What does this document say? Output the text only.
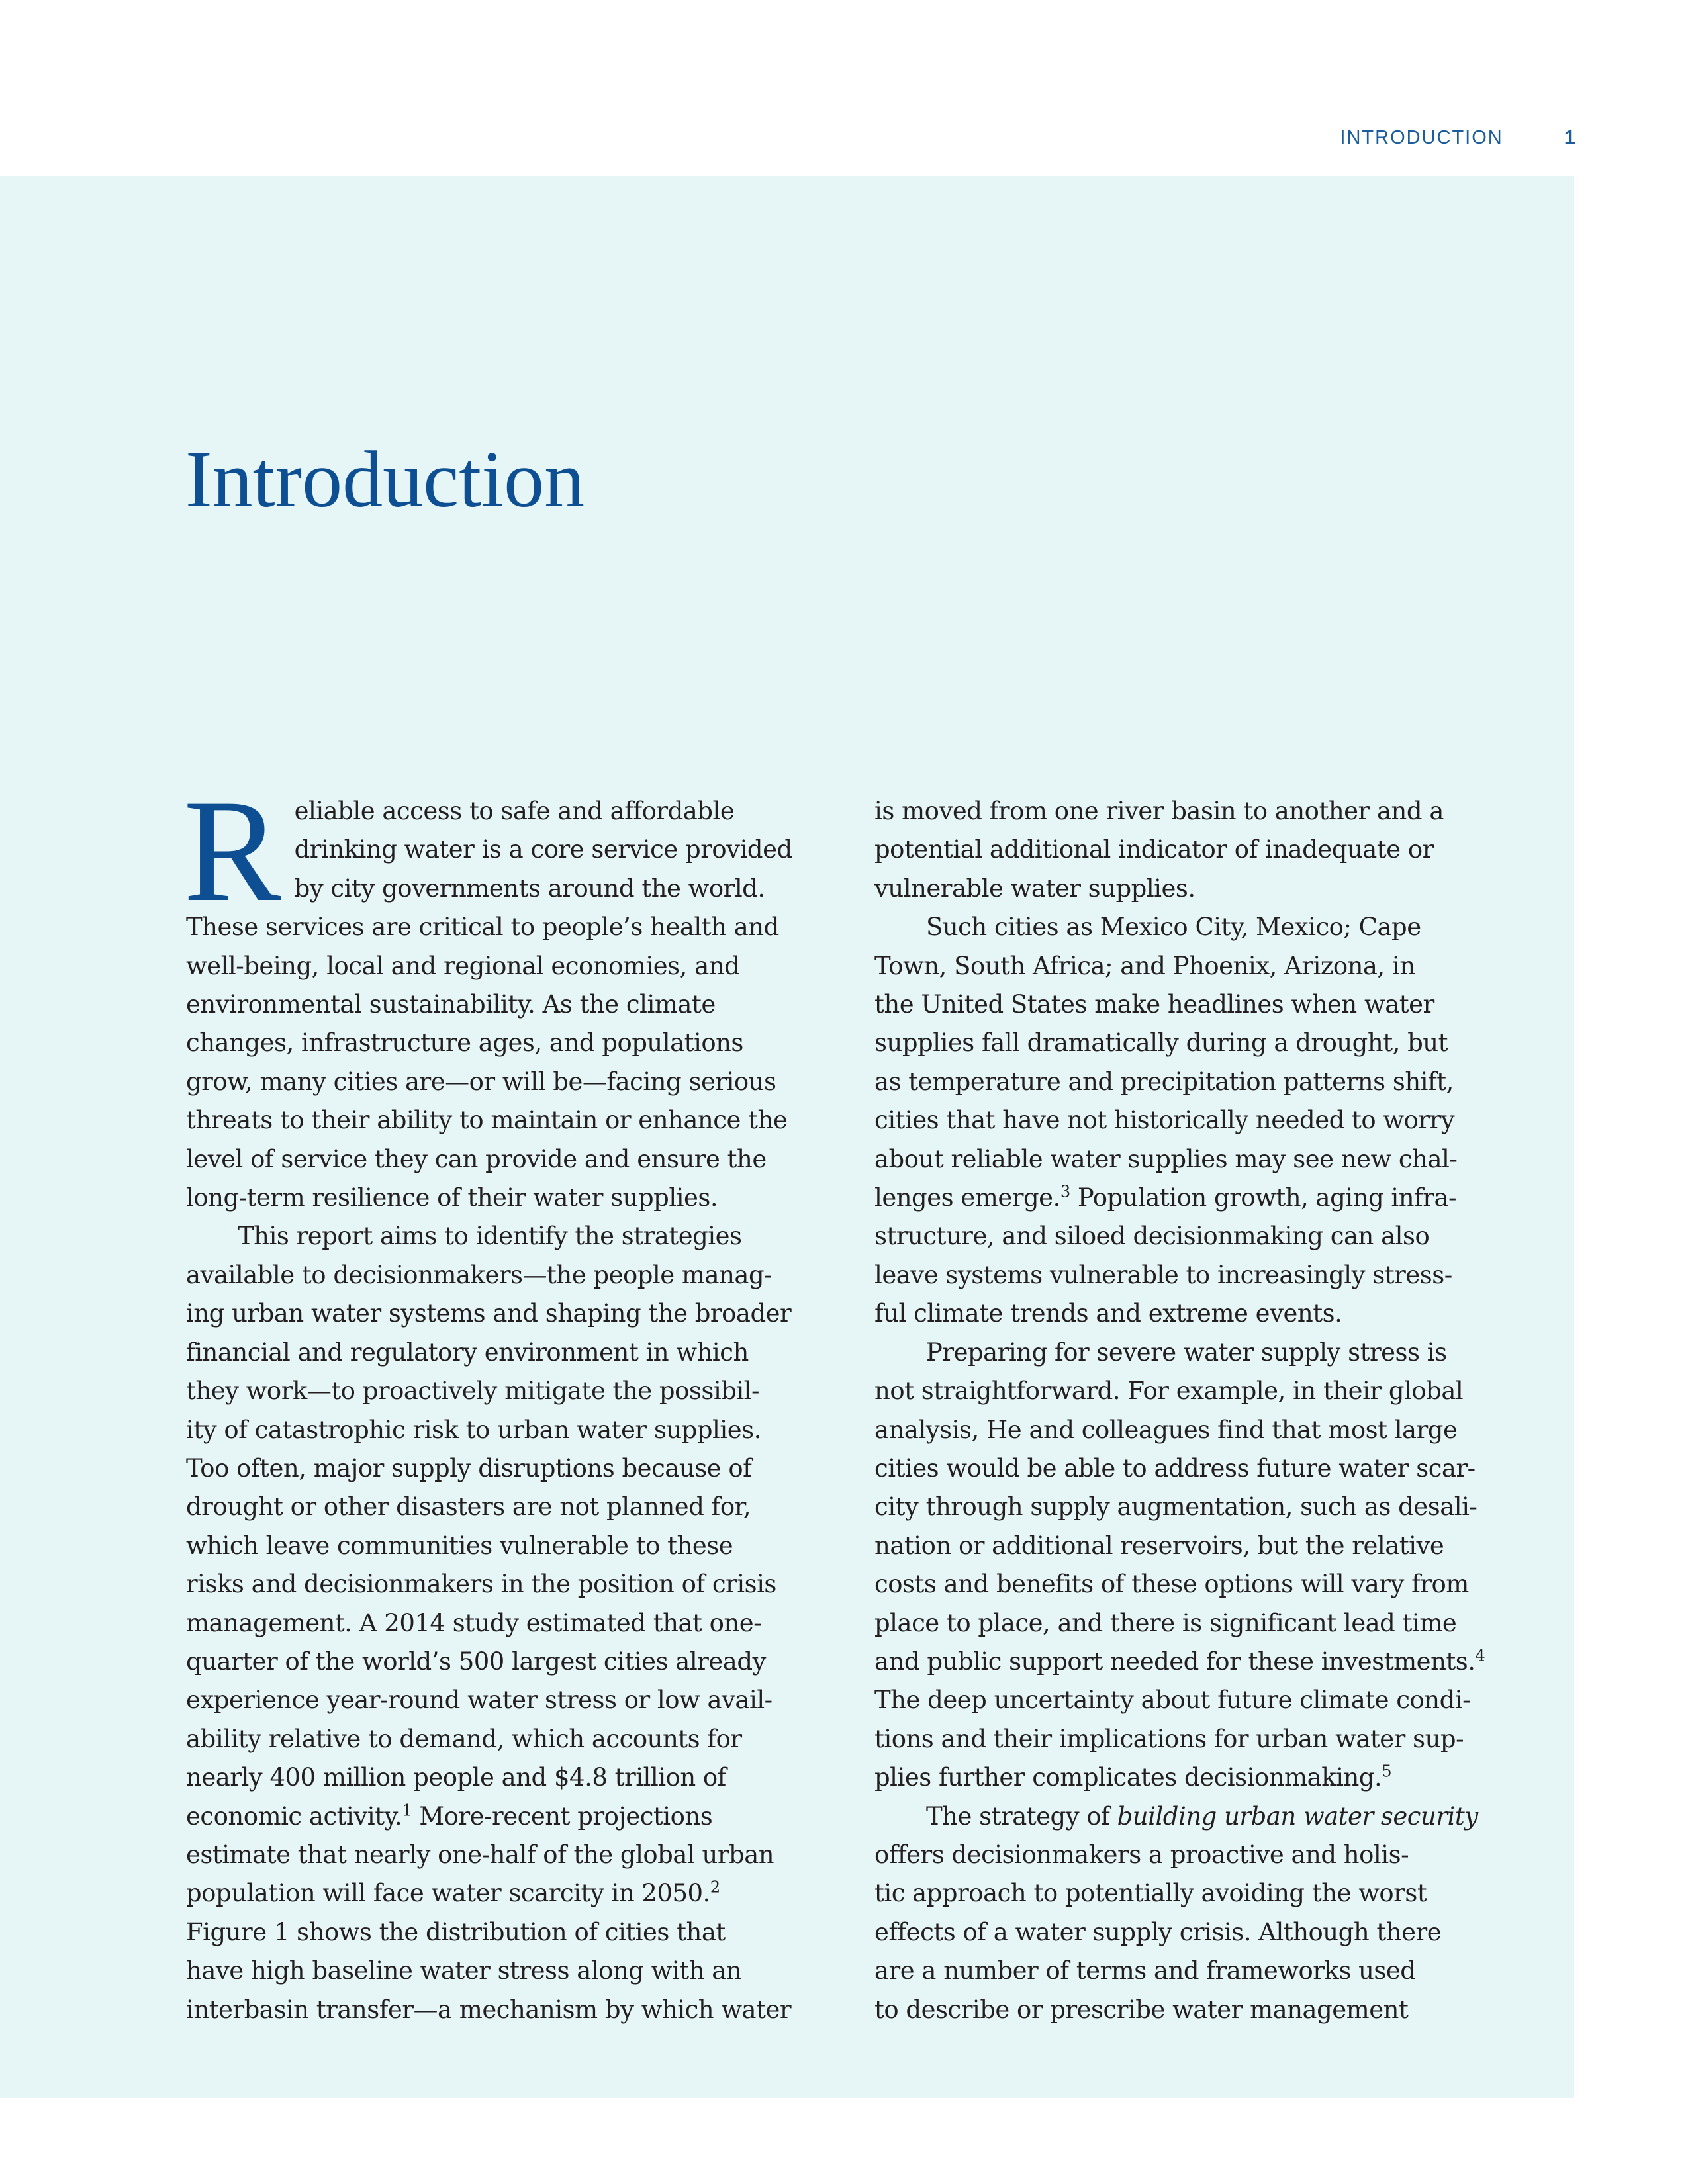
INTRODUCTION	1
Introduction

R eliable access to safe and affordable
drinking water is a core service provided
by city governments around the world.
These services are critical to people’s health and
well-being, local and regional economies, and
environmental sustainability. As the climate
changes, infrastructure ages, and populations
grow, many cities are—or will be—facing serious
threats to their ability to maintain or enhance the
level of service they can provide and ensure the
long-term resilience of their water supplies.

This report aims to identify the strategies
available to decisionmakers—the people manag-
ing urban water systems and shaping the broader
financial and regulatory environment in which
they work—to proactively mitigate the possibil-
ity of catastrophic risk to urban water supplies.
Too often, major supply disruptions because of
drought or other disasters are not planned for,
which leave communities vulnerable to these
risks and decisionmakers in the position of crisis
management. A 2014 study estimated that one-
quarter of the world’s 500 largest cities already
experience year-round water stress or low avail-
ability relative to demand, which accounts for
nearly 400 million people and $4.8 trillion of
economic activity.$^1$ More-recent projections
estimate that nearly one-half of the global urban
population will face water scarcity in 2050.$^2$
Figure 1 shows the distribution of cities that
have high baseline water stress along with an
interbasin transfer—a mechanism by which water

is moved from one river basin to another and a
potential additional indicator of inadequate or
vulnerable water supplies.

Such cities as Mexico City, Mexico; Cape
Town, South Africa; and Phoenix, Arizona, in
the United States make headlines when water
supplies fall dramatically during a drought, but
as temperature and precipitation patterns shift,
cities that have not historically needed to worry
about reliable water supplies may see new chal-
lenges emerge.$^3$ Population growth, aging infra-
structure, and siloed decisionmaking can also
leave systems vulnerable to increasingly stress-
ful climate trends and extreme events.

Preparing for severe water supply stress is
not straightforward. For example, in their global
analysis, He and colleagues find that most large
cities would be able to address future water scar-
city through supply augmentation, such as desali-
nation or additional reservoirs, but the relative
costs and benefits of these options will vary from
place to place, and there is significant lead time
and public support needed for these investments.$^4$
The deep uncertainty about future climate condi-
tions and their implications for urban water sup-
plies further complicates decisionmaking.$^5$

The strategy of building urban water security
offers decisionmakers a proactive and holis-
tic approach to potentially avoiding the worst
effects of a water supply crisis. Although there
are a number of terms and frameworks used
to describe or prescribe water management
